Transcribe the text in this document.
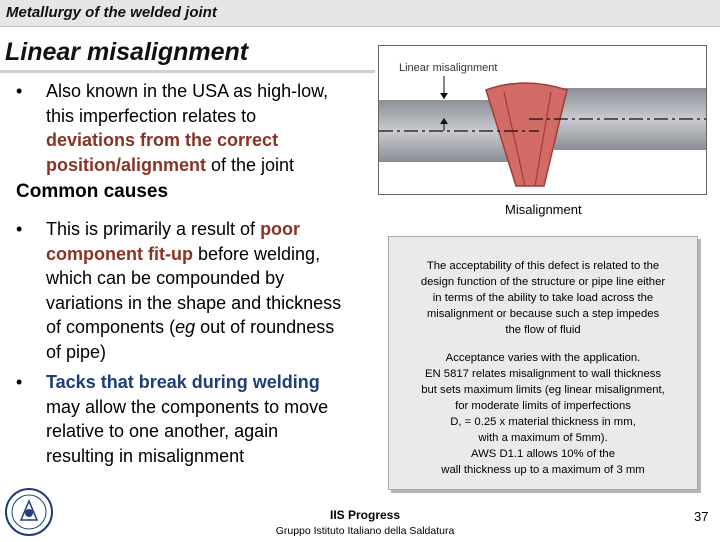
Metallurgy of the welded joint
Linear misalignment
• Also known in the USA as high-low,
this imperfection relates to
deviations from the correct
position/alignment of the joint
Common causes
• This is primarily a result of poor
component fit-up before welding,
which can be compounded by
variations in the shape and thickness
of components (eg out of roundness
of pipe)
• Tacks that break during welding
may allow the components to move
relative to one another, again
resulting in misalignment
Linear misalignment
Misalignment
The acceptability of this defect is related to the
design function of the structure or pipe line either
in terms of the ability to take load across the
misalignment or because such a step impedes
the flow of fluid
Acceptance varies with the application.
EN 5817 relates misalignment to wall thickness
but sets maximum limits (eg linear misalignment,
for moderate limits of imperfections
D, = 0.25 x material thickness in mm,
with a maximum of 5mm).
AWS D1.1 allows 10% of the
wall thickness up to a maximum of 3 mm
IIS Progress
Gruppo Istituto Italiano della Saldatura
37
